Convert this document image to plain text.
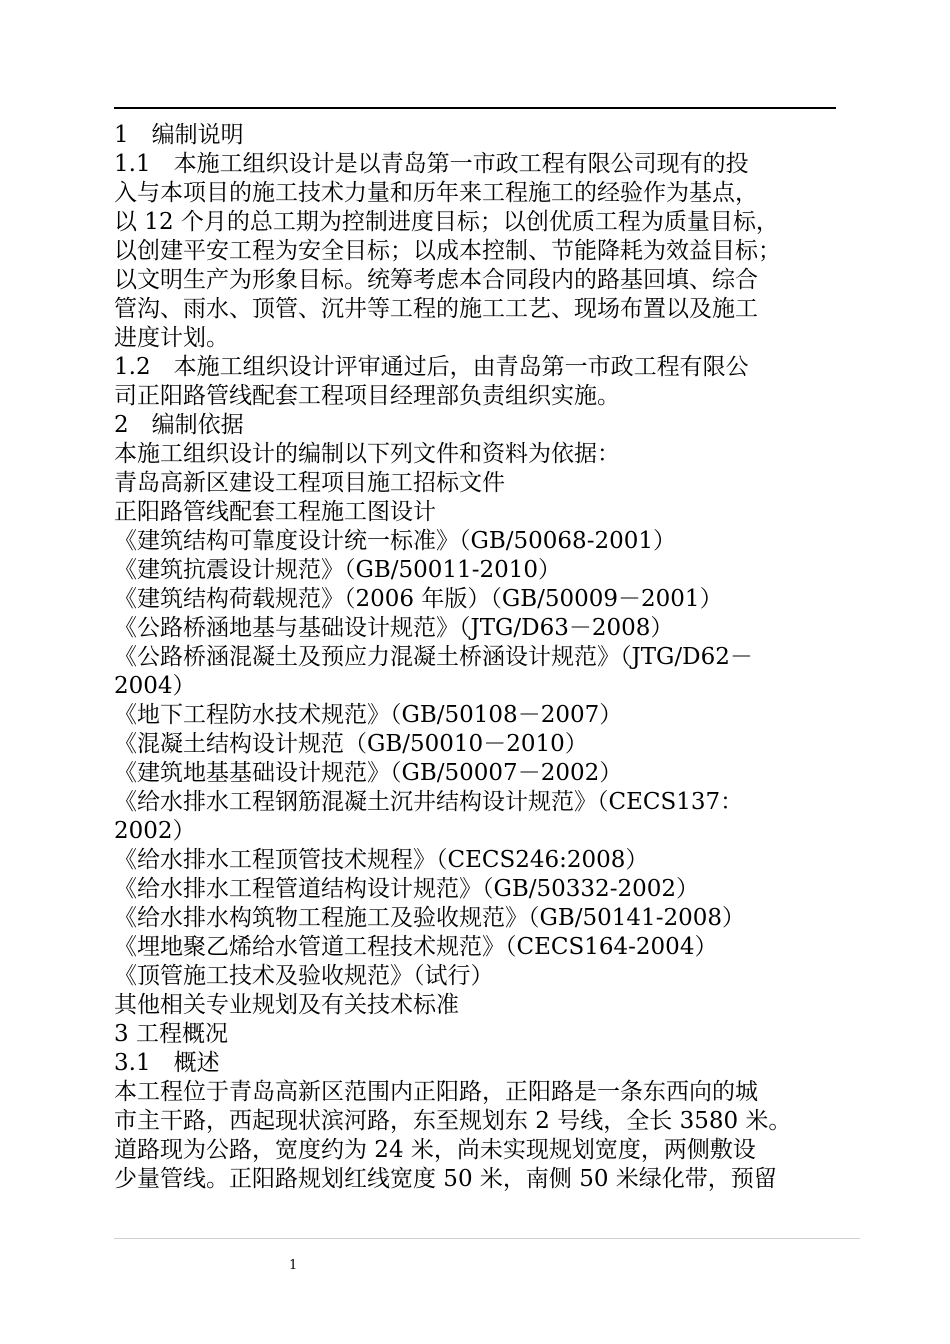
1　编制说明
1.1　本施工组织设计是以青岛第一市政工程有限公司现有的投
入与本项目的施工技术力量和历年来工程施工的经验作为基点，
以 12 个月的总工期为控制进度目标；以创优质工程为质量目标，
以创建平安工程为安全目标；以成本控制、节能降耗为效益目标；
以文明生产为形象目标。统筹考虑本合同段内的路基回填、综合
管沟、雨水、顶管、沉井等工程的施工工艺、现场布置以及施工
进度计划。
1.2　本施工组织设计评审通过后，由青岛第一市政工程有限公
司正阳路管线配套工程项目经理部负责组织实施。
2　编制依据
本施工组织设计的编制以下列文件和资料为依据：
青岛高新区建设工程项目施工招标文件
正阳路管线配套工程施工图设计
《建筑结构可靠度设计统一标准》（GB/50068-2001）
《建筑抗震设计规范》（GB/50011-2010）
《建筑结构荷载规范》（2006 年版）（GB/50009－2001）
《公路桥涵地基与基础设计规范》（JTG/D63－2008）
《公路桥涵混凝土及预应力混凝土桥涵设计规范》（JTG/D62－
2004）
《地下工程防水技术规范》（GB/50108－2007）
《混凝土结构设计规范（GB/50010－2010）
《建筑地基基础设计规范》（GB/50007－2002）
《给水排水工程钢筋混凝土沉井结构设计规范》（CECS137：
2002）
《给水排水工程顶管技术规程》（CECS246:2008）
《给水排水工程管道结构设计规范》（GB/50332-2002）
《给水排水构筑物工程施工及验收规范》（GB/50141-2008）
《埋地聚乙烯给水管道工程技术规范》（CECS164-2004）
《顶管施工技术及验收规范》（试行）
其他相关专业规划及有关技术标准
3 工程概况
3.1　概述
本工程位于青岛高新区范围内正阳路，正阳路是一条东西向的城
市主干路，西起现状滨河路，东至规划东 2 号线，全长 3580 米。
道路现为公路，宽度约为 24 米，尚未实现规划宽度，两侧敷设
少量管线。正阳路规划红线宽度 50 米，南侧 50 米绿化带，预留
1
